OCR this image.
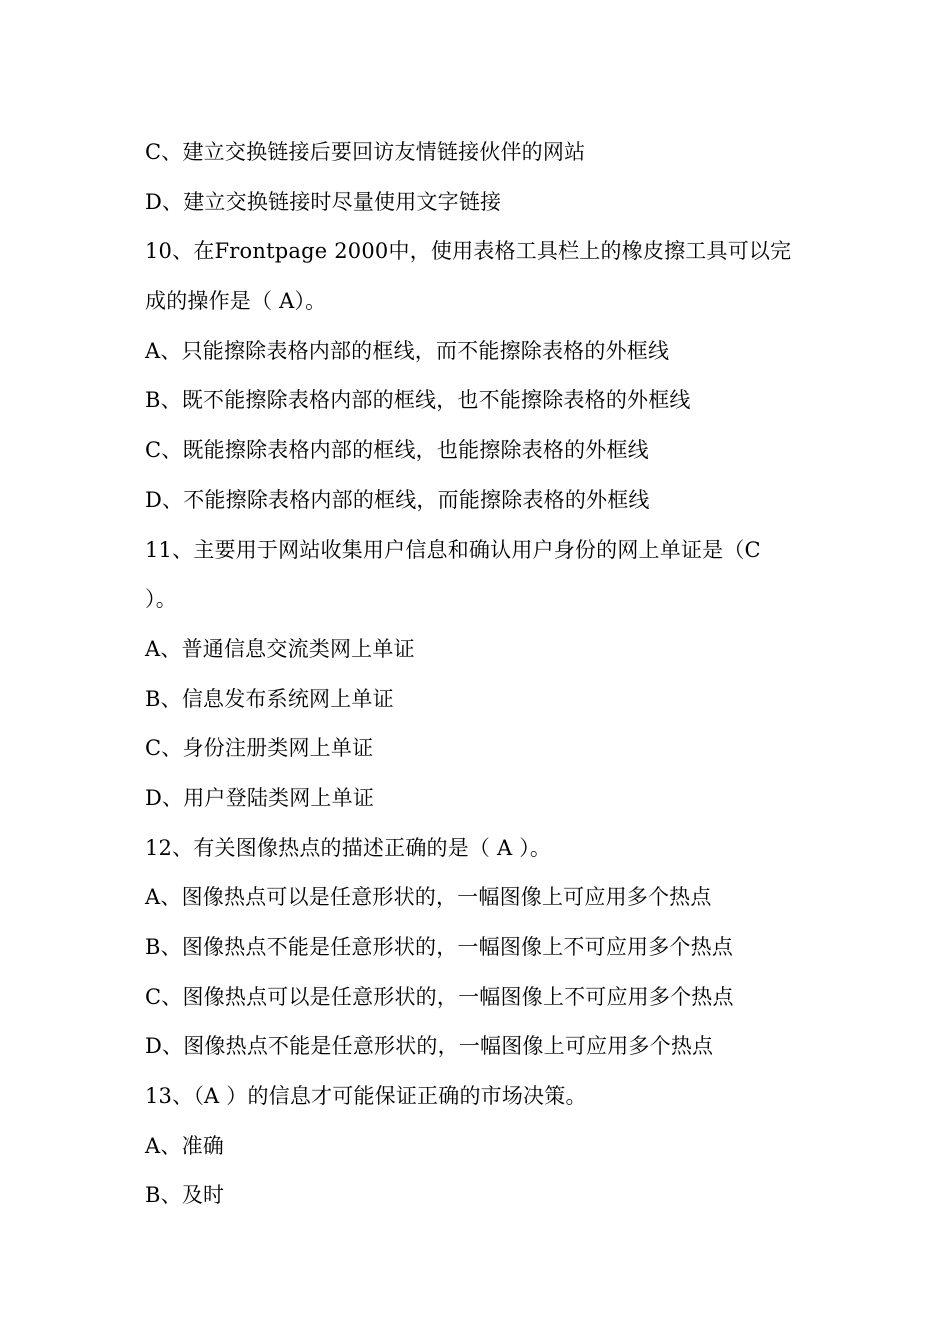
C、建立交换链接后要回访友情链接伙伴的网站
D、建立交换链接时尽量使用文字链接
10、在Frontpage 2000中，使用表格工具栏上的橡皮擦工具可以完
成的操作是（ A）。
A、只能擦除表格内部的框线，而不能擦除表格的外框线
B、既不能擦除表格内部的框线，也不能擦除表格的外框线
C、既能擦除表格内部的框线，也能擦除表格的外框线
D、不能擦除表格内部的框线，而能擦除表格的外框线
11、主要用于网站收集用户信息和确认用户身份的网上单证是（C
）。
A、普通信息交流类网上单证
B、信息发布系统网上单证
C、身份注册类网上单证
D、用户登陆类网上单证
12、有关图像热点的描述正确的是（ A ）。
A、图像热点可以是任意形状的，一幅图像上可应用多个热点
B、图像热点不能是任意形状的，一幅图像上不可应用多个热点
C、图像热点可以是任意形状的，一幅图像上不可应用多个热点
D、图像热点不能是任意形状的，一幅图像上可应用多个热点
13、（A ）的信息才可能保证正确的市场决策。
A、准确
B、及时
